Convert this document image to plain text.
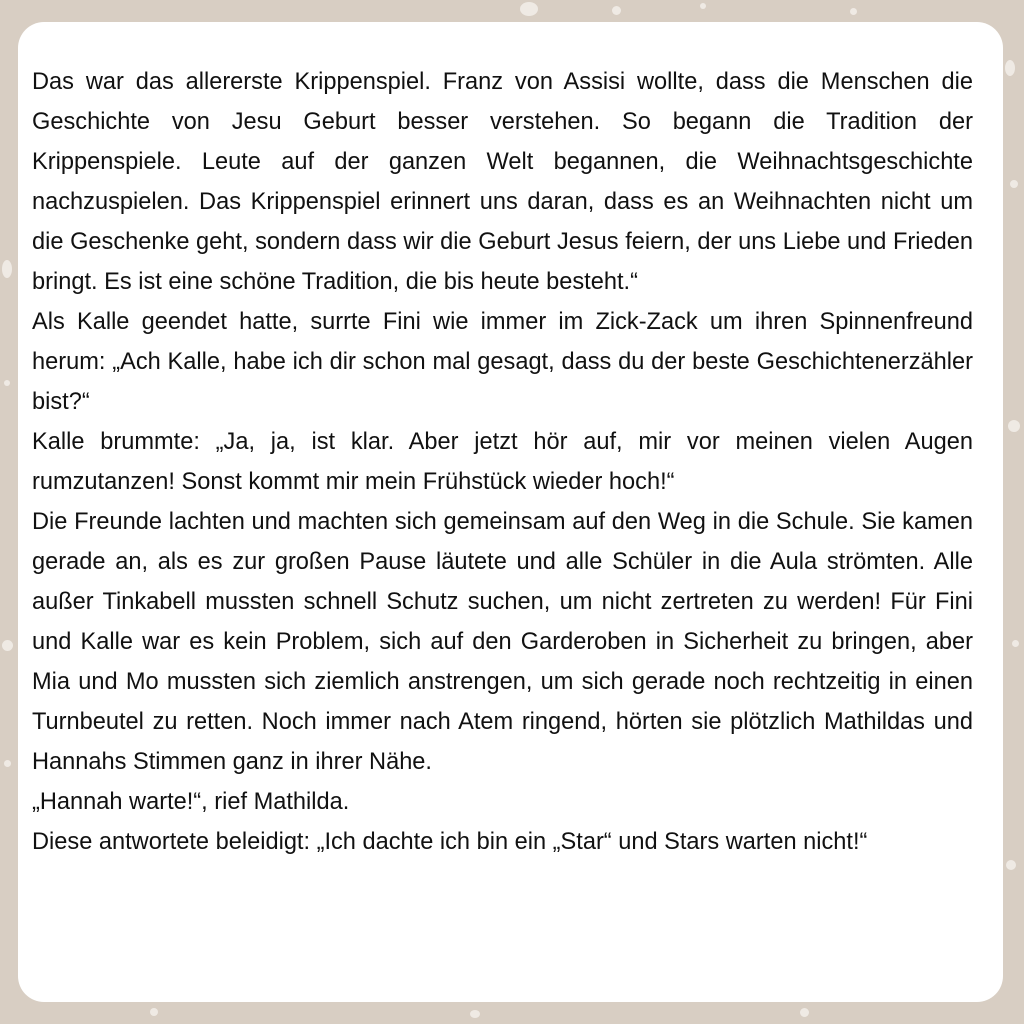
Das war das allererste Krippenspiel. Franz von Assisi wollte, dass die Menschen die Geschichte von Jesu Geburt besser verstehen. So begann die Tradition der Krippenspiele. Leute auf der ganzen Welt begannen, die Weihnachtsgeschichte nachzuspielen. Das Krippenspiel erinnert uns daran, dass es an Weihnachten nicht um die Geschenke geht, sondern dass wir die Geburt Jesus feiern, der uns Liebe und Frieden bringt. Es ist eine schöne Tradition, die bis heute besteht.“

Als Kalle geendet hatte, surrte Fini wie immer im Zick-Zack um ihren Spinnenfreund herum: „Ach Kalle, habe ich dir schon mal gesagt, dass du der beste Geschichtenerzähler bist?“

Kalle brummte: „Ja, ja, ist klar. Aber jetzt hör auf, mir vor meinen vielen Augen rumzutanzen! Sonst kommt mir mein Frühstück wieder hoch!“

Die Freunde lachten und machten sich gemeinsam auf den Weg in die Schule. Sie kamen gerade an, als es zur großen Pause läutete und alle Schüler in die Aula strömten. Alle außer Tinkabell mussten schnell Schutz suchen, um nicht zertreten zu werden! Für Fini und Kalle war es kein Problem, sich auf den Garderoben in Sicherheit zu bringen, aber Mia und Mo mussten sich ziemlich anstrengen, um sich gerade noch rechtzeitig in einen Turnbeutel zu retten. Noch immer nach Atem ringend, hörten sie plötzlich Mathildas und Hannahs Stimmen ganz in ihrer Nähe.

„Hannah warte!“, rief Mathilda.

Diese antwortete beleidigt: „Ich dachte ich bin ein „Star“ und Stars warten nicht!“
